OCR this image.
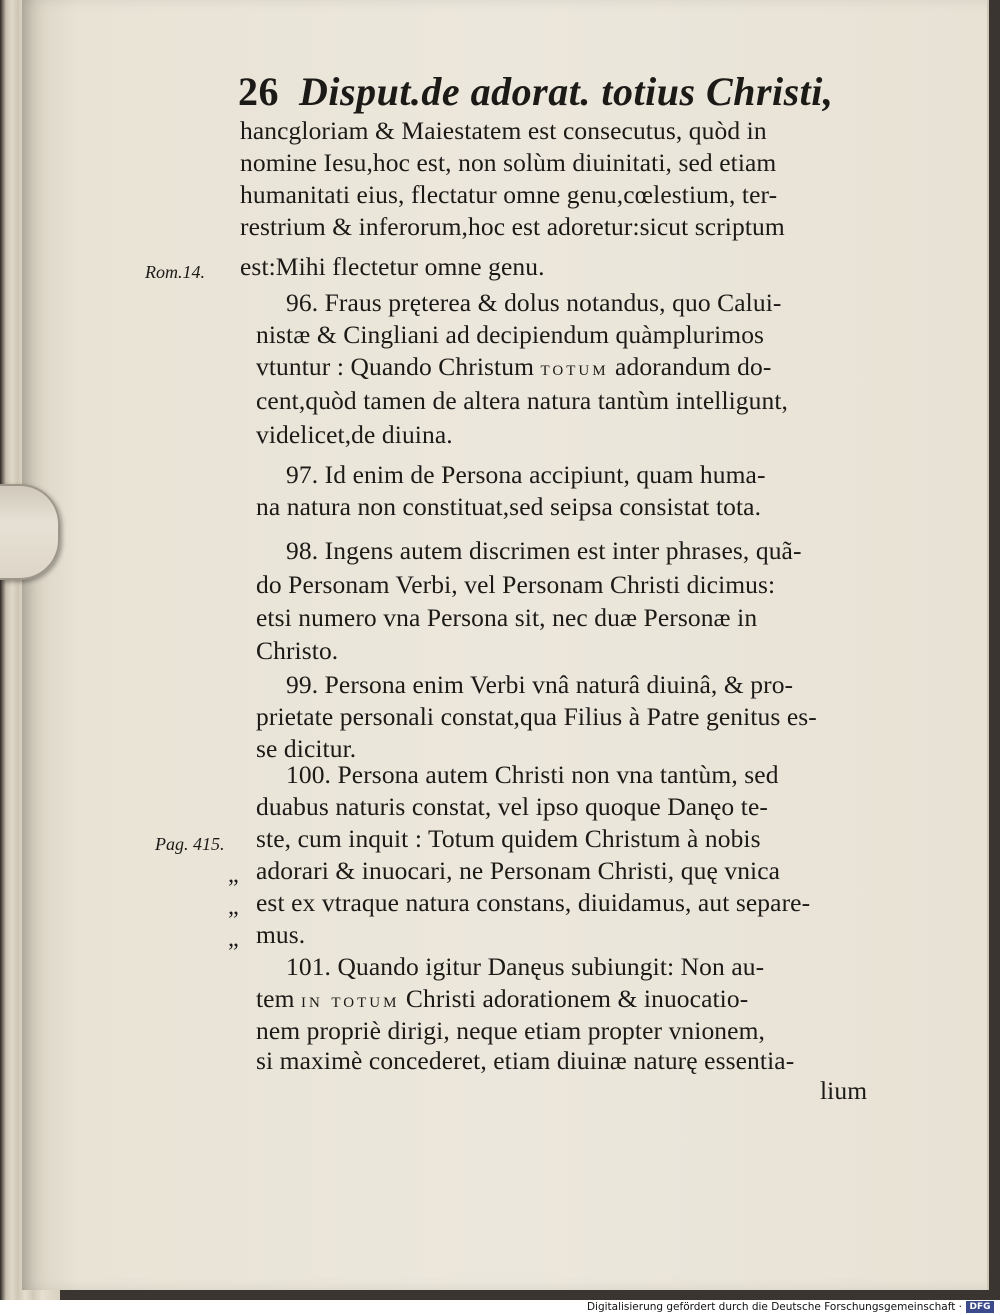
26 Disput.de adorat. totius Christi,
Rom.14.
Pag. 415.
„
„
„
hancgloriam & Maiestatem est consecutus, quòd in
nomine Iesu,hoc est, non solùm diuinitati, sed etiam
humanitati eius, flectatur omne genu,cœlestium, ter-
restrium & inferorum,hoc est adoretur:sicut scriptum
est:Mihi flectetur omne genu.
96. Fraus pręterea & dolus notandus, quo Calui-
nistæ & Cingliani ad decipiendum quàmplurimos
vtuntur : Quando Christum totum adorandum do-
cent,quòd tamen de altera natura tantùm intelligunt,
videlicet,de diuina.
97. Id enim de Persona accipiunt, quam huma-
na natura non constituat,sed seipsa consistat tota.
98. Ingens autem discrimen est inter phrases, quã-
do Personam Verbi, vel Personam Christi dicimus:
etsi numero vna Persona sit, nec duæ Personæ in
Christo.
99. Persona enim Verbi vnâ naturâ diuinâ, & pro-
prietate personali constat,qua Filius à Patre genitus es-
se dicitur.
100. Persona autem Christi non vna tantùm, sed
duabus naturis constat, vel ipso quoque Danęo te-
ste, cum inquit : Totum quidem Christum à nobis
adorari & inuocari, ne Personam Christi, quę vnica
est ex vtraque natura constans, diuidamus, aut separe-
mus.
101. Quando igitur Danęus subiungit: Non au-
tem in totum Christi adorationem & inuocatio-
nem propriè dirigi, neque etiam propter vnionem,
si maximè concederet, etiam diuinæ naturę essentia-
lium
Digitalisierung gefördert durch die Deutsche Forschungsgemeinschaft · DFG
